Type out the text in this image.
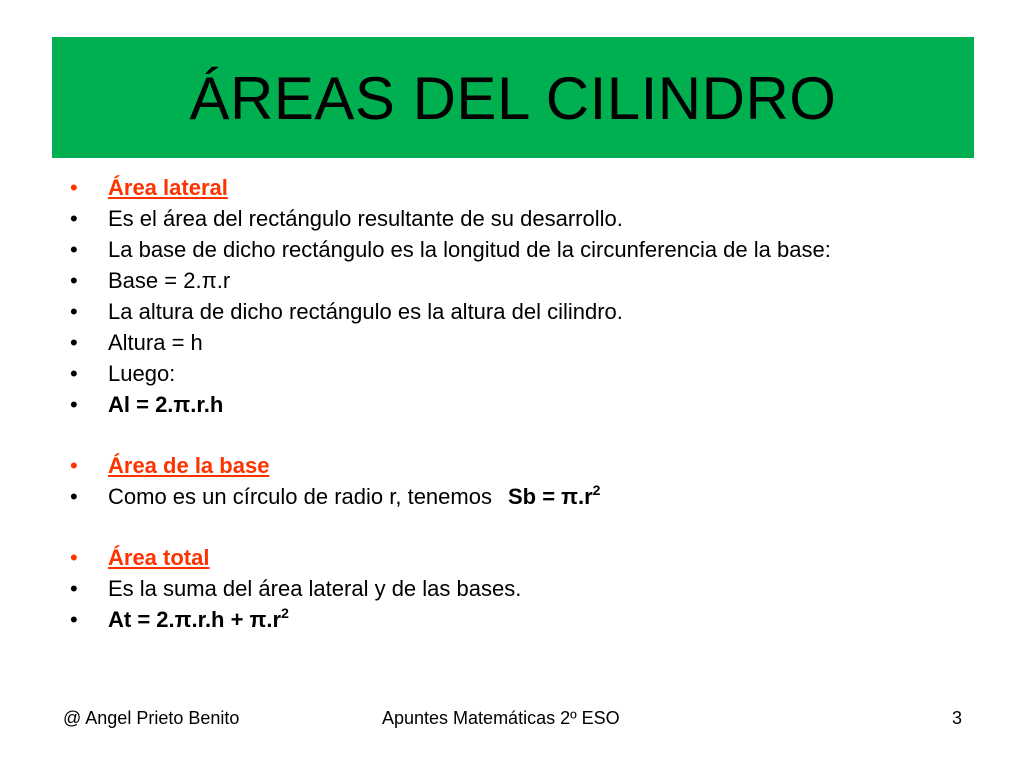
ÁREAS DEL CILINDRO
•	Área lateral
•	Es el área del rectángulo resultante de su desarrollo.
•	La base de dicho rectángulo es la longitud de la circunferencia de la base:
•	Base = 2.π.r
•	La altura de dicho rectángulo es la altura del cilindro.
•	Altura = h
•	Luego:
•	Al = 2.π.r.h
•	Área de la base
•	Como es un círculo de radio r, tenemos $Sb = \pi.r^2$
•	Área total
•	Es la suma del área lateral y de las bases.
•	$At = 2.\pi.r.h + \pi.r^2$
@ Angel Prieto Benito	Apuntes Matemáticas 2º ESO	3
